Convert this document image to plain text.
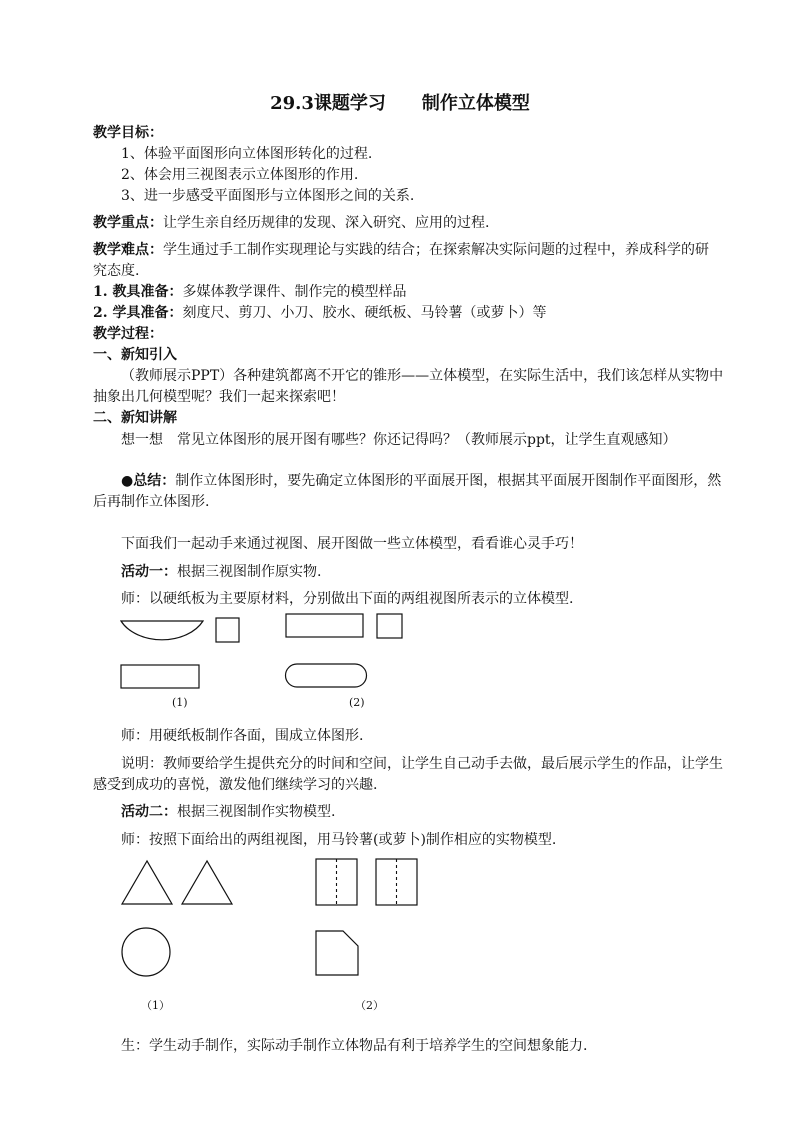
29.3课题学习 制作立体模型
教学目标：
1、体验平面图形向立体图形转化的过程.
2、体会用三视图表示立体图形的作用.
3、进一步感受平面图形与立体图形之间的关系.
教学重点：让学生亲自经历规律的发现、深入研究、应用的过程.
教学难点：学生通过手工制作实现理论与实践的结合；在探索解决实际问题的过程中，养成科学的研
究态度.
1. 教具准备：多媒体教学课件、制作完的模型样品
2. 学具准备：刻度尺、剪刀、小刀、胶水、硬纸板、马铃薯（或萝卜）等
教学过程：
一、新知引入
（教师展示PPT）各种建筑都离不开它的锥形——立体模型，在实际生活中，我们该怎样从实物中
抽象出几何模型呢？我们一起来探索吧！
二、新知讲解
想一想　常见立体图形的展开图有哪些？你还记得吗？（教师展示ppt，让学生直观感知）
●总结：制作立体图形时，要先确定立体图形的平面展开图，根据其平面展开图制作平面图形，然
后再制作立体图形.
下面我们一起动手来通过视图、展开图做一些立体模型，看看谁心灵手巧！
活动一：根据三视图制作原实物.
师：以硬纸板为主要原材料，分别做出下面的两组视图所表示的立体模型.
(1)	(2)
师：用硬纸板制作各面，围成立体图形.
说明：教师要给学生提供充分的时间和空间，让学生自己动手去做，最后展示学生的作品，让学生
感受到成功的喜悦，激发他们继续学习的兴趣.
活动二：根据三视图制作实物模型.
师：按照下面给出的两组视图，用马铃薯(或萝卜)制作相应的实物模型.
（1）	（2）
生：学生动手制作，实际动手制作立体物品有利于培养学生的空间想象能力.
